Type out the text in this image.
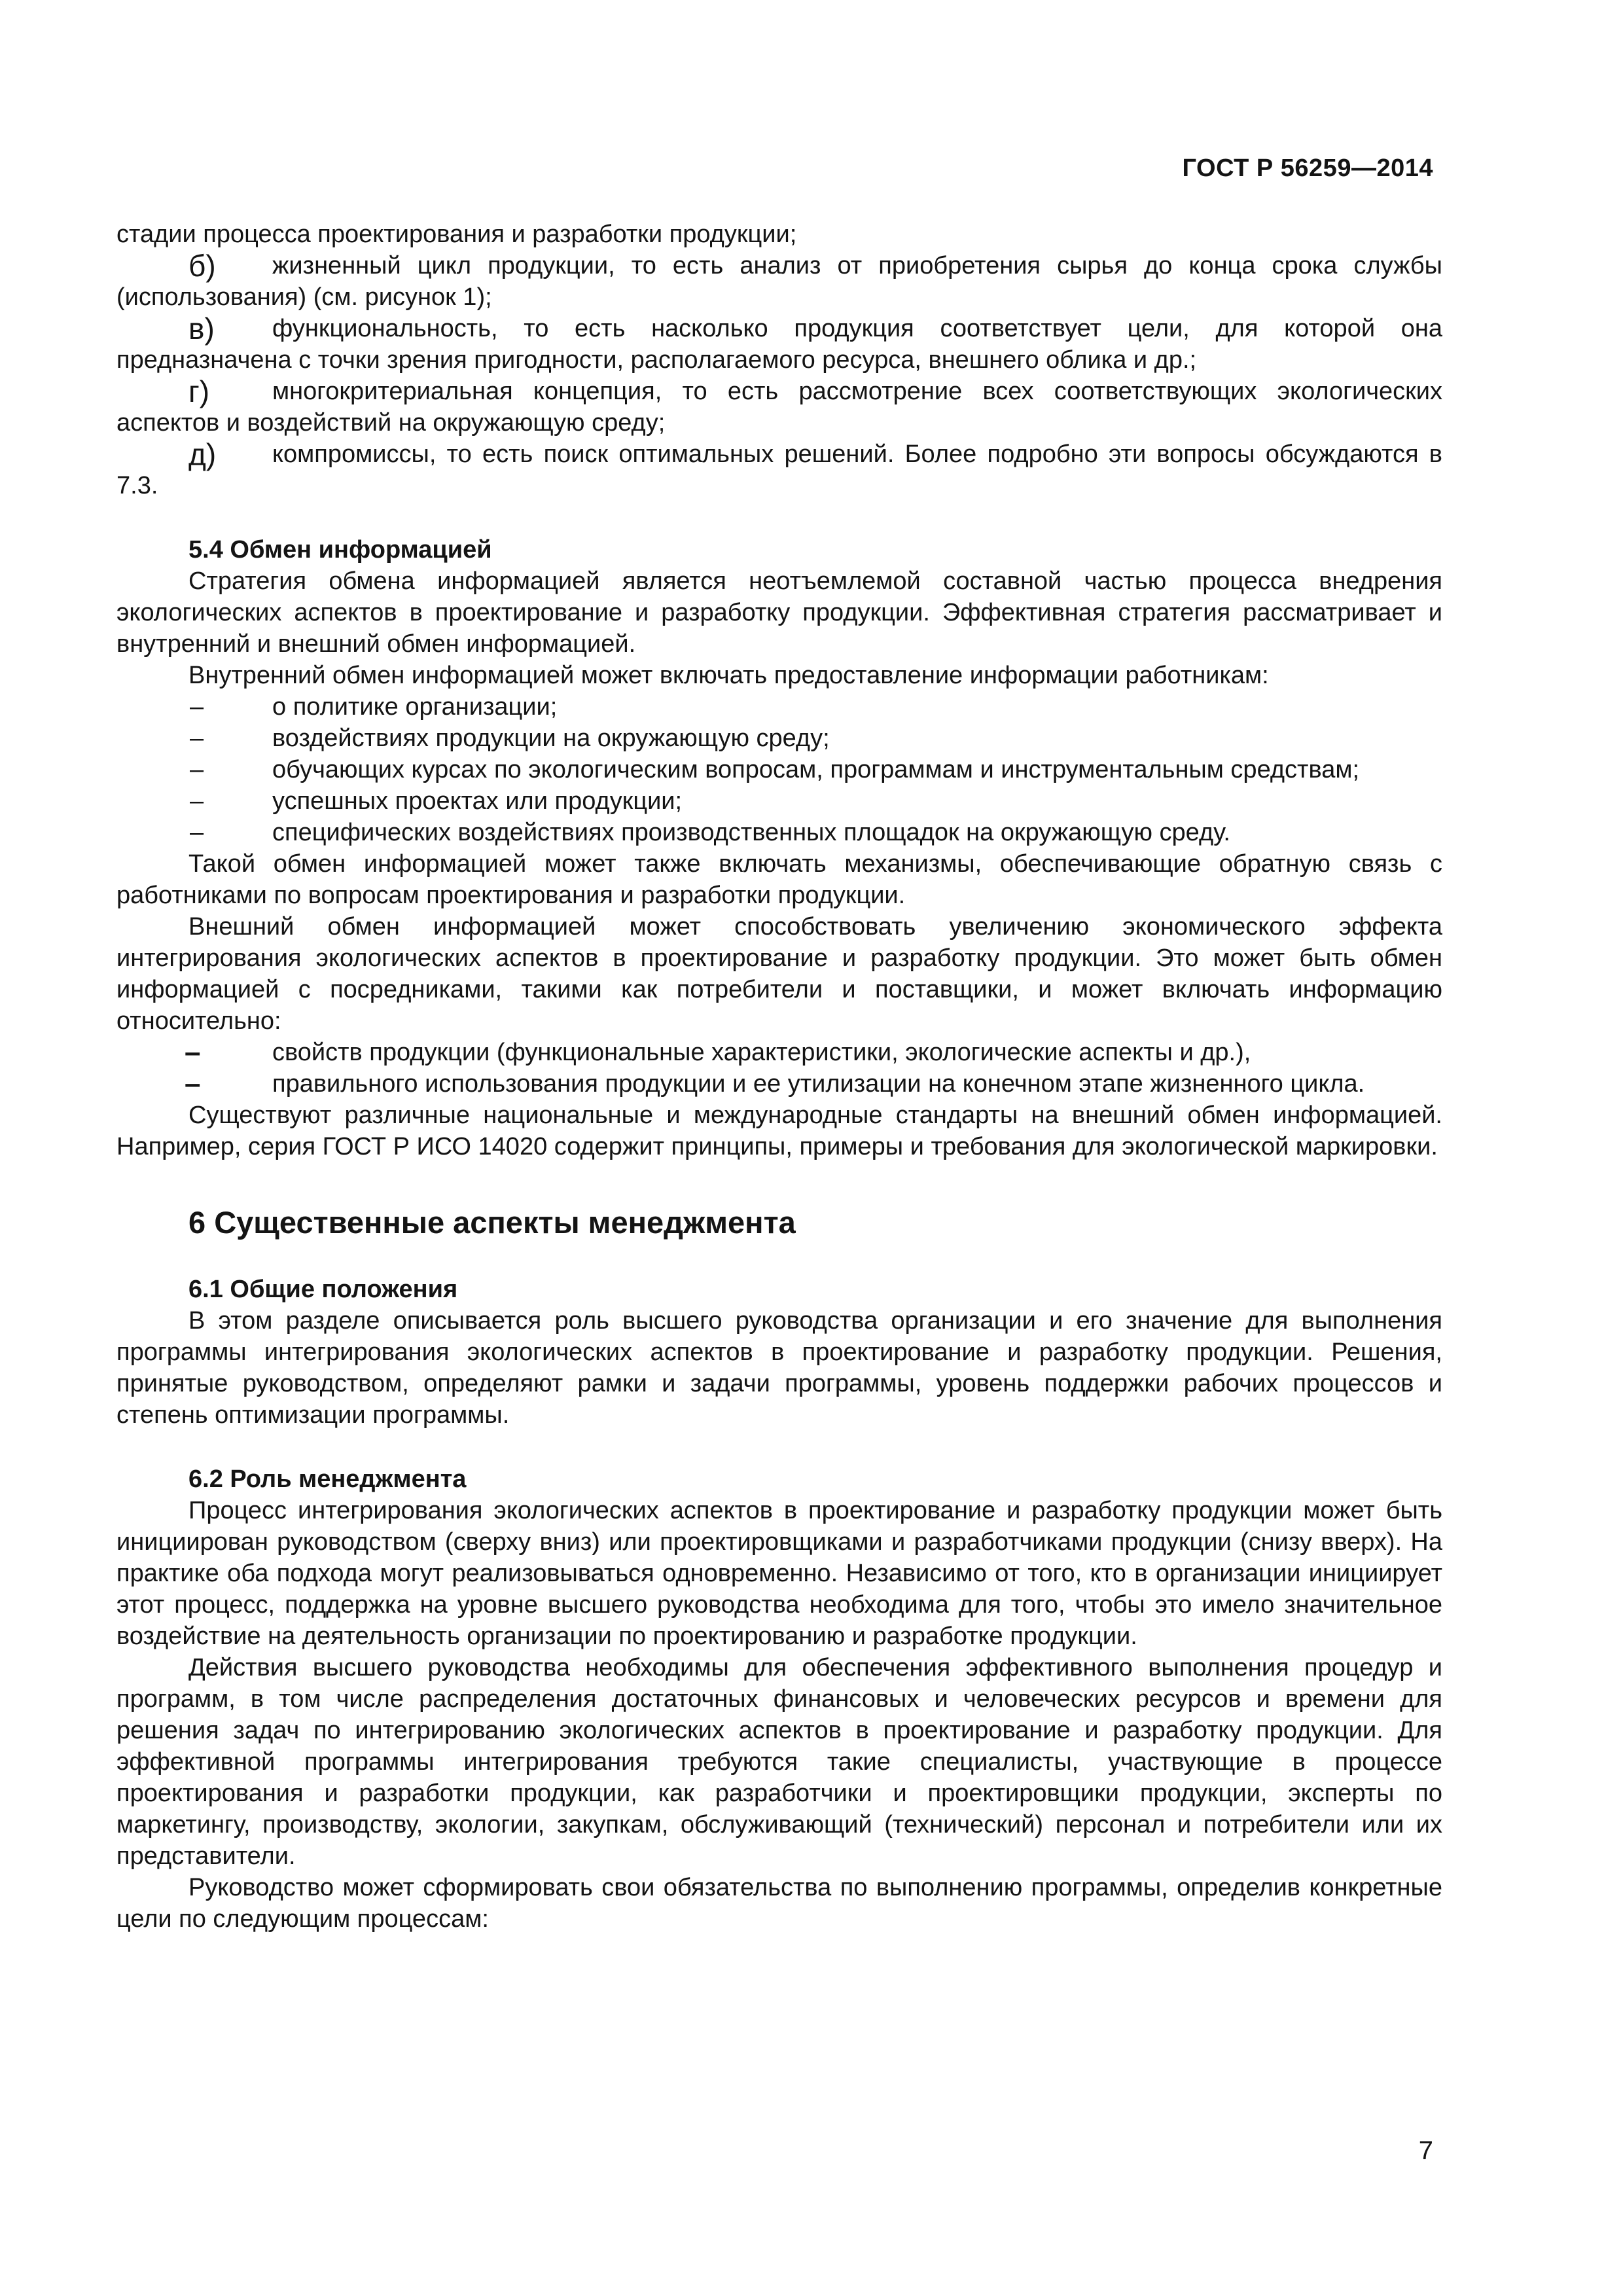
ГОСТ Р 56259—2014

стадии процесса проектирования и разработки продукции;

б) жизненный цикл продукции, то есть анализ от приобретения сырья до конца срока службы (использования) (см. рисунок 1);

в) функциональность, то есть насколько продукция соответствует цели, для которой она предназначена с точки зрения пригодности, располагаемого ресурса, внешнего облика и др.;

г)	многокритериальная концепция, то есть рассмотрение всех соответствующих экологических аспектов и воздействий на окружающую среду;

д) компромиссы, то есть поиск оптимальных решений. Более подробно эти вопросы обсуждаются в 7.3.

5.4 Обмен информацией

Стратегия обмена информацией является неотъемлемой составной частью процесса внедрения экологических аспектов в проектирование и разработку продукции. Эффективная стратегия рассматривает и внутренний и внешний обмен информацией.

Внутренний обмен информацией может включать предоставление информации работникам:

–	о политике организации;

–	воздействиях продукции на окружающую среду;

–	обучающих курсах по экологическим вопросам, программам и инструментальным средствам;

–	успешных проектах или продукции;

–	специфических воздействиях производственных площадок на окружающую среду.

Такой обмен информацией может также включать механизмы, обеспечивающие обратную связь с работниками по вопросам проектирования и разработки продукции.

Внешний обмен информацией может способствовать увеличению экономического эффекта интегрирования экологических аспектов в проектирование и разработку продукции. Это может быть обмен информацией с посредниками, такими как потребители и поставщики, и может включать информацию относительно:

–	свойств продукции (функциональные характеристики, экологические аспекты и др.),

–	правильного использования продукции и ее утилизации на конечном этапе жизненного цикла.

Существуют различные национальные и международные стандарты на внешний обмен информацией. Например, серия ГОСТ Р ИСО 14020 содержит принципы, примеры и требования для экологической маркировки.

6 Существенные аспекты менеджмента

6.1 Общие положения

В этом разделе описывается роль высшего руководства организации и его значение для выполнения программы интегрирования экологических аспектов в проектирование и разработку продукции. Решения, принятые руководством, определяют рамки и задачи программы, уровень поддержки рабочих процессов и степень оптимизации программы.

6.2 Роль менеджмента

Процесс интегрирования экологических аспектов в проектирование и разработку продукции может быть инициирован руководством (сверху вниз) или проектировщиками и разработчиками продукции (снизу вверх). На практике оба подхода могут реализовываться одновременно. Независимо от того, кто в организации инициирует этот процесс, поддержка на уровне высшего руководства необходима для того, чтобы это имело значительное воздействие на деятельность организации по проектированию и разработке продукции.

Действия высшего руководства необходимы для обеспечения эффективного выполнения процедур и программ, в том числе распределения достаточных финансовых и человеческих ресурсов и времени для решения задач по интегрированию экологических аспектов в проектирование и разработку продукции. Для эффективной программы интегрирования требуются такие специалисты, участвующие в процессе проектирования и разработки продукции, как разработчики и проектировщики продукции, эксперты по маркетингу, производству, экологии, закупкам, обслуживающий (технический) персонал и потребители или их представители.

Руководство может сформировать свои обязательства по выполнению программы, определив конкретные цели по следующим процессам:

7
